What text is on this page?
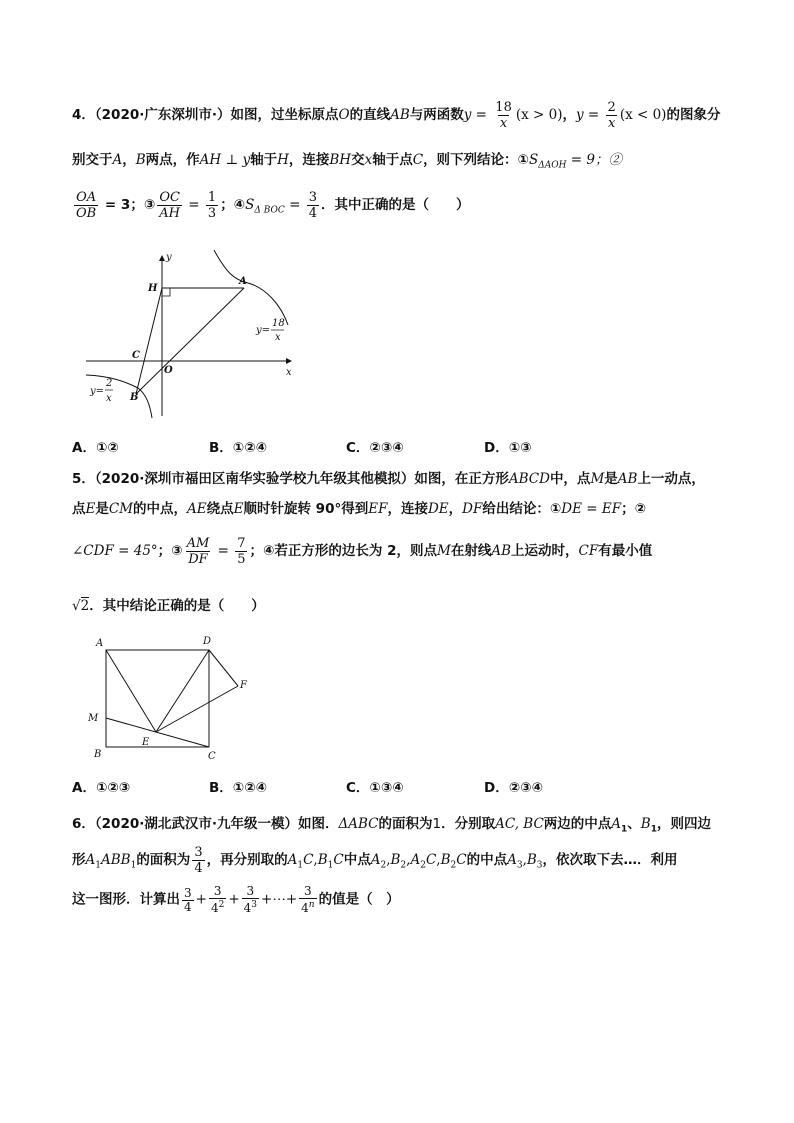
4．（2020·广东深圳市·）如图，过坐标原点O的直线AB与两函数$y = \frac{18}{x} (x > 0)$，$y = \frac{2}{x} (x < 0)$的图象分
别交于A，B两点，作AH ⊥ y轴于H，连接BH交x轴于点C，则下列结论：$①S_{\Delta AOH} = 9$；②
$\frac{OA}{OB} = 3$；③ $\frac{OC}{AH} = \frac{1}{3}$ ；$④S_{\Delta BOC} = \frac{3}{4}$ ．其中正确的是（　　）
y
x
H
A
C
O
B
y=
18
x
y=
2
x
A．①②	B．①②④	C．②③④	D．①③
5．（2020·深圳市福田区南华实验学校九年级其他模拟）如图，在正方形ABCD中，点M是AB上一动点，
点E是CM的中点，AE绕点E顺时针旋转 90°得到EF，连接DE，DF给出结论：①DE = EF；②
∠CDF = 45°；③ $\frac{AM}{DF} = \frac{7}{5}$ ；④若正方形的边长为 2，则点M在射线AB上运动时，CF有最小值
√2．其中结论正确的是（　　）
A	D
F
M
E
B	C
A．①②③	B．①②④	C．①③④	D．②③④
6．（2020·湖北武汉市·九年级一模）如图．ΔABC的面积为1．分别取AC, BC两边的中点$A_1$、$B_1$，则四边
形$A_1ABB_1$的面积为 $\frac{3}{4}$ ，再分别取的$A_1C,B_1C$中点$A_2,B_2,A_2C,B_2C$的中点$A_3,B_3$，依次取下去…．利用
这一图形．计算出 $\frac{3}{4} + \frac{3}{4^2} + \frac{3}{4^3}$ +⋯+ $\frac{3}{4^n}$ 的值是（　）
